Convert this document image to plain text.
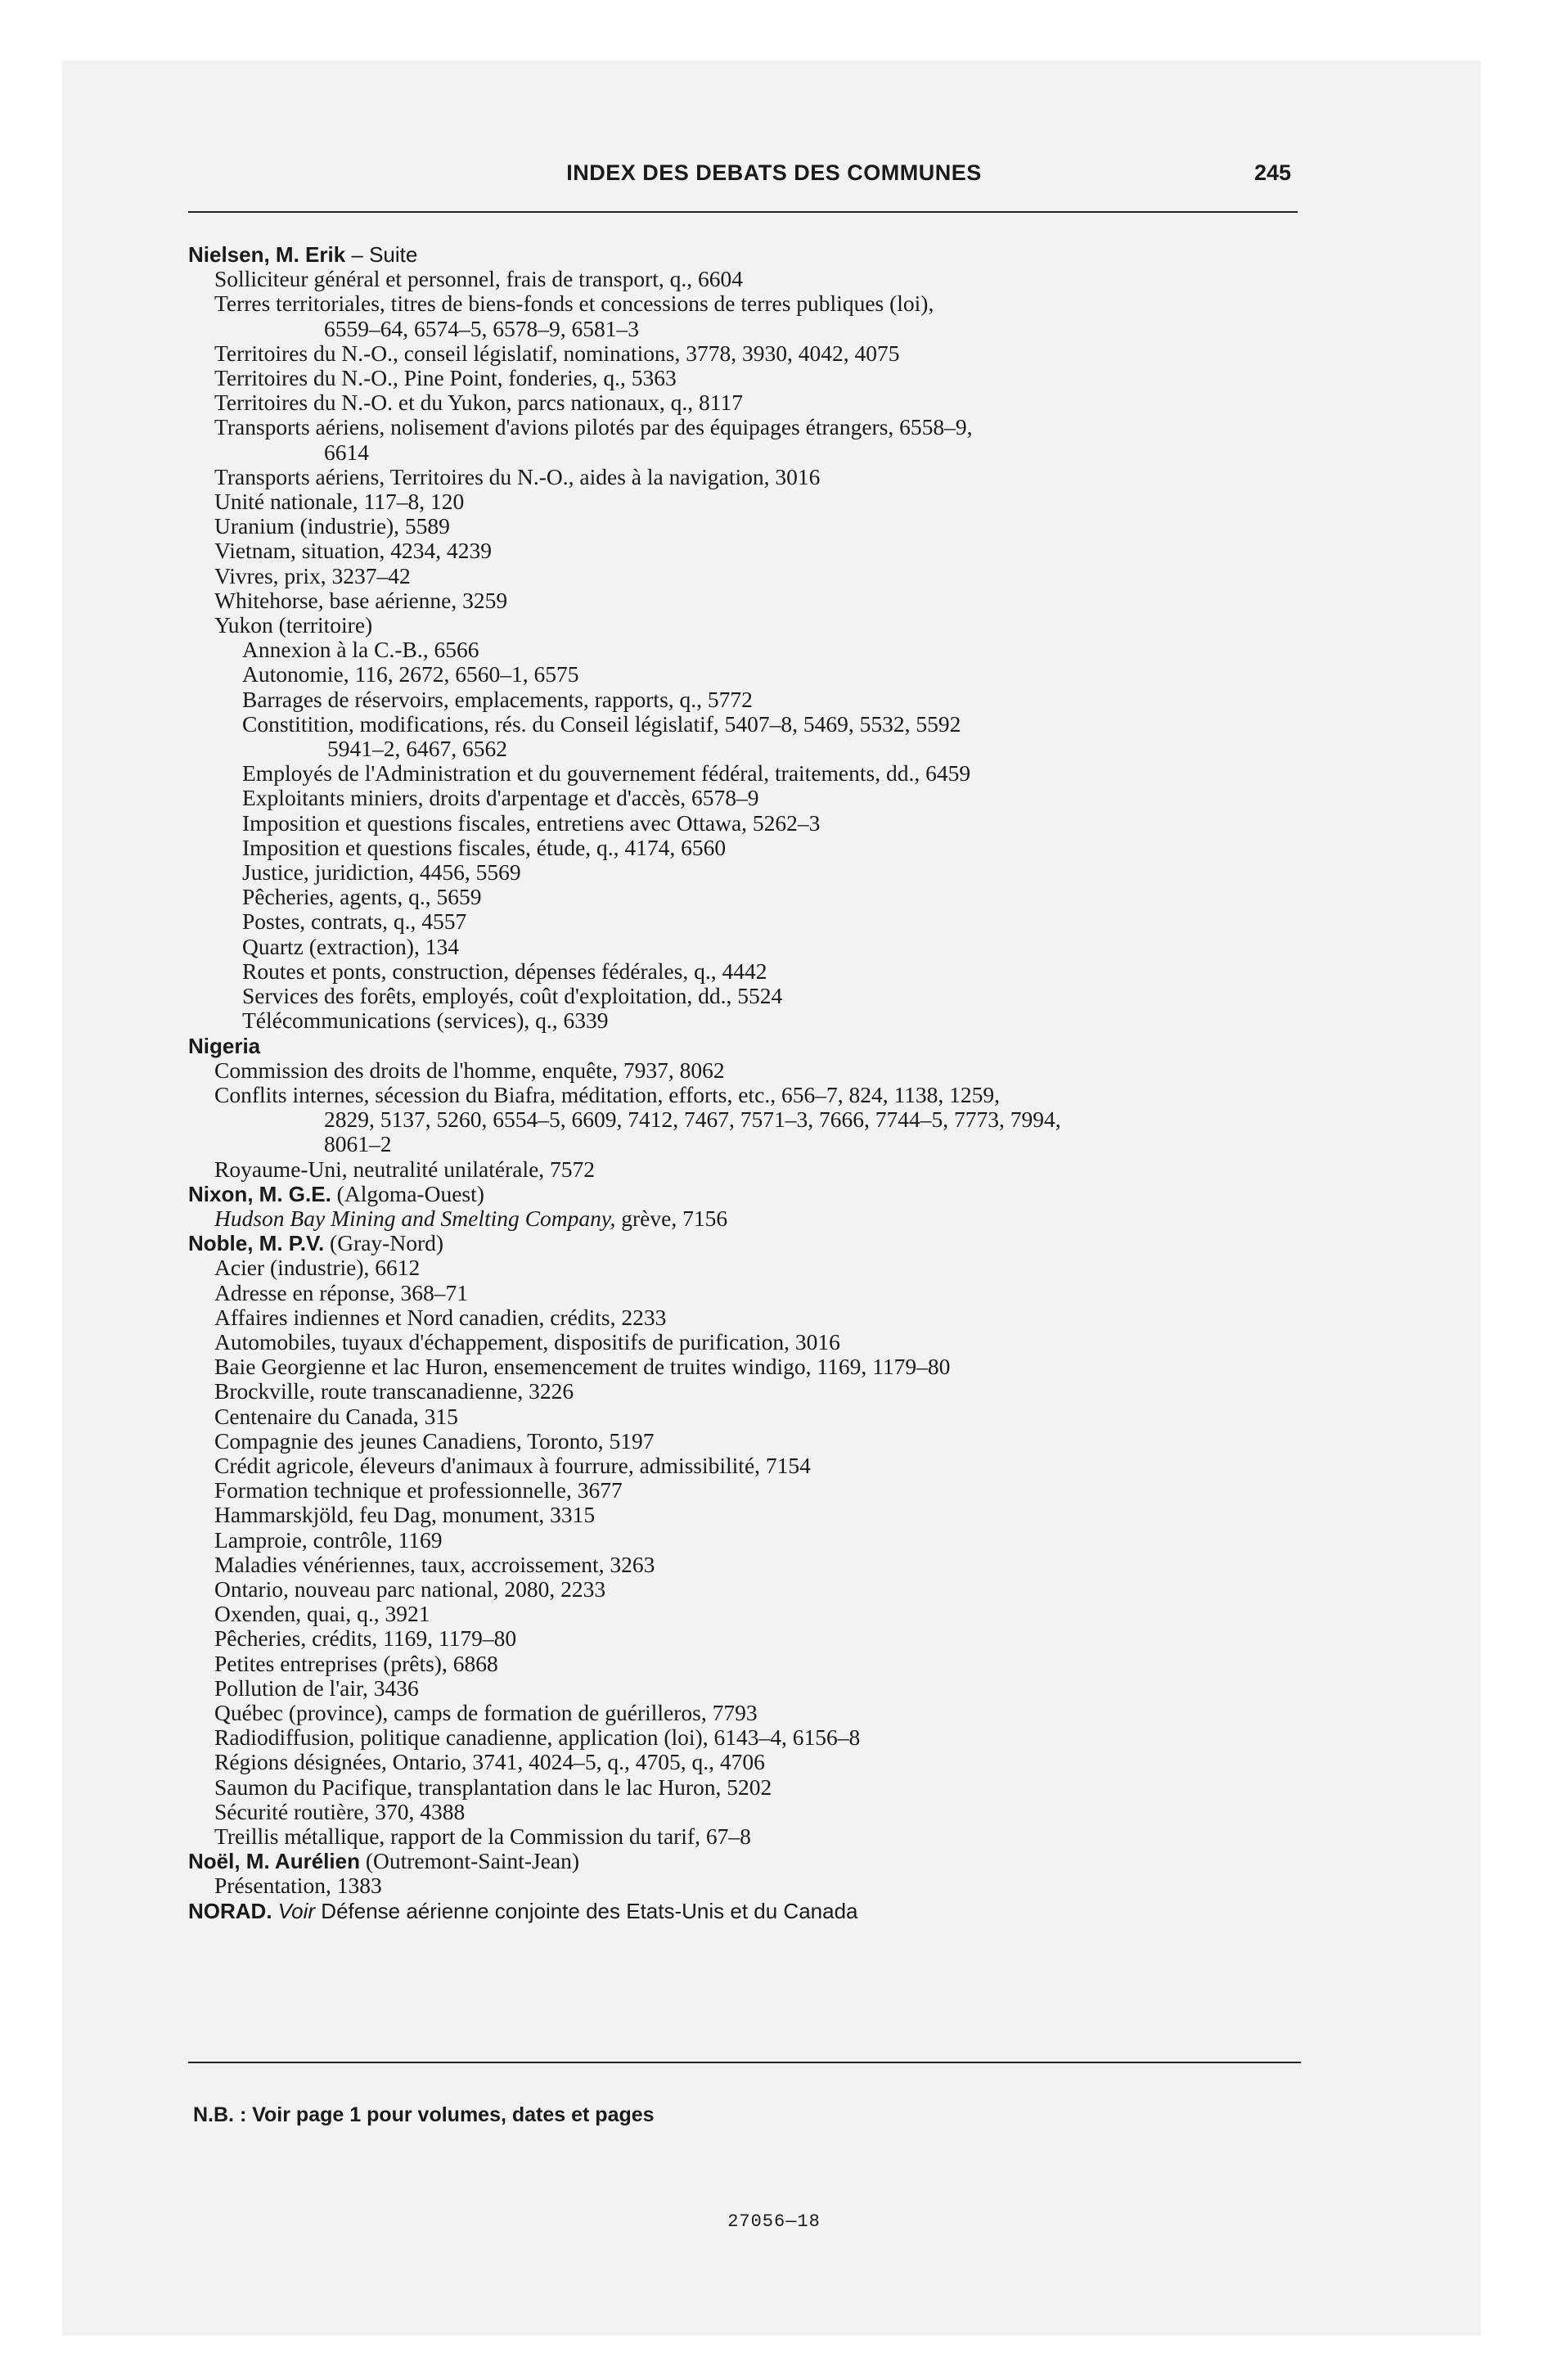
INDEX DES DEBATS DES COMMUNES	245
Nielsen, M. Erik – Suite
Solliciteur général et personnel, frais de transport, q., 6604
Terres territoriales, titres de biens-fonds et concessions de terres publiques (loi),
6559–64, 6574–5, 6578–9, 6581–3
Territoires du N.-O., conseil législatif, nominations, 3778, 3930, 4042, 4075
Territoires du N.-O., Pine Point, fonderies, q., 5363
Territoires du N.-O. et du Yukon, parcs nationaux, q., 8117
Transports aériens, nolisement d'avions pilotés par des équipages étrangers, 6558–9,
6614
Transports aériens, Territoires du N.-O., aides à la navigation, 3016
Unité nationale, 117–8, 120
Uranium (industrie), 5589
Vietnam, situation, 4234, 4239
Vivres, prix, 3237–42
Whitehorse, base aérienne, 3259
Yukon (territoire)
Annexion à la C.-B., 6566
Autonomie, 116, 2672, 6560–1, 6575
Barrages de réservoirs, emplacements, rapports, q., 5772
Constitition, modifications, rés. du Conseil législatif, 5407–8, 5469, 5532, 5592
5941–2, 6467, 6562
Employés de l'Administration et du gouvernement fédéral, traitements, dd., 6459
Exploitants miniers, droits d'arpentage et d'accès, 6578–9
Imposition et questions fiscales, entretiens avec Ottawa, 5262–3
Imposition et questions fiscales, étude, q., 4174, 6560
Justice, juridiction, 4456, 5569
Pêcheries, agents, q., 5659
Postes, contrats, q., 4557
Quartz (extraction), 134
Routes et ponts, construction, dépenses fédérales, q., 4442
Services des forêts, employés, coût d'exploitation, dd., 5524
Télécommunications (services), q., 6339
Nigeria
Commission des droits de l'homme, enquête, 7937, 8062
Conflits internes, sécession du Biafra, méditation, efforts, etc., 656–7, 824, 1138, 1259,
2829, 5137, 5260, 6554–5, 6609, 7412, 7467, 7571–3, 7666, 7744–5, 7773, 7994,
8061–2
Royaume-Uni, neutralité unilatérale, 7572
Nixon, M. G.E. (Algoma-Ouest)
Hudson Bay Mining and Smelting Company, grève, 7156
Noble, M. P.V. (Gray-Nord)
Acier (industrie), 6612
Adresse en réponse, 368–71
Affaires indiennes et Nord canadien, crédits, 2233
Automobiles, tuyaux d'échappement, dispositifs de purification, 3016
Baie Georgienne et lac Huron, ensemencement de truites windigo, 1169, 1179–80
Brockville, route transcanadienne, 3226
Centenaire du Canada, 315
Compagnie des jeunes Canadiens, Toronto, 5197
Crédit agricole, éleveurs d'animaux à fourrure, admissibilité, 7154
Formation technique et professionnelle, 3677
Hammarskjöld, feu Dag, monument, 3315
Lamproie, contrôle, 1169
Maladies vénériennes, taux, accroissement, 3263
Ontario, nouveau parc national, 2080, 2233
Oxenden, quai, q., 3921
Pêcheries, crédits, 1169, 1179–80
Petites entreprises (prêts), 6868
Pollution de l'air, 3436
Québec (province), camps de formation de guérilleros, 7793
Radiodiffusion, politique canadienne, application (loi), 6143–4, 6156–8
Régions désignées, Ontario, 3741, 4024–5, q., 4705, q., 4706
Saumon du Pacifique, transplantation dans le lac Huron, 5202
Sécurité routière, 370, 4388
Treillis métallique, rapport de la Commission du tarif, 67–8
Noël, M. Aurélien (Outremont-Saint-Jean)
Présentation, 1383
NORAD. Voir Défense aérienne conjointe des Etats-Unis et du Canada
N.B. : Voir page 1 pour volumes, dates et pages
27056—18
